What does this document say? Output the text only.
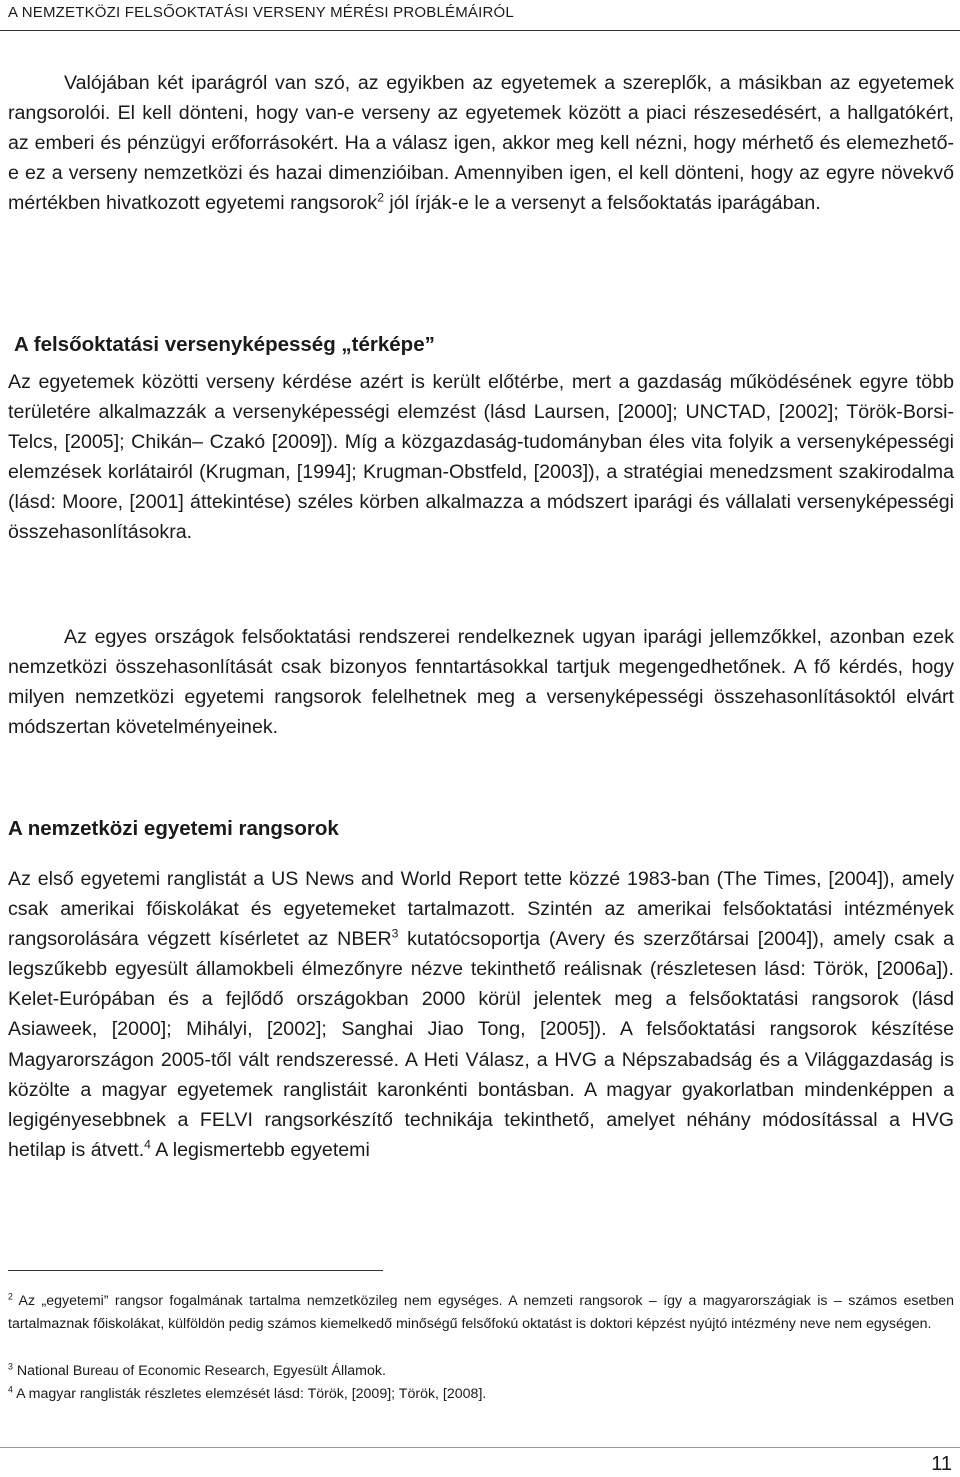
A NEMZETKÖZI FELSŐOKTATÁSI VERSENY MÉRÉSI PROBLÉMÁIRÓL
Valójában két iparágról van szó, az egyikben az egyetemek a szereplők, a másikban az egyetemek rangsorolói. El kell dönteni, hogy van-e verseny az egyetemek között a piaci részesedésért, a hallgatókért, az emberi és pénzügyi erőforrásokért. Ha a válasz igen, akkor meg kell nézni, hogy mérhető és elemezhető-e ez a verseny nemzetközi és hazai dimenzióiban. Amennyiben igen, el kell dönteni, hogy az egyre növekvő mértékben hivatkozott egyetemi rangsorok$^2$ jól írják-e le a versenyt a felsőoktatás iparágában.
A felsőoktatási versenyképesség „térképe”
Az egyetemek közötti verseny kérdése azért is került előtérbe, mert a gazdaság működésének egyre több területére alkalmazzák a versenyképességi elemzést (lásd Laursen, [2000]; UNCTAD, [2002]; Török-Borsi-Telcs, [2005]; Chikán– Czakó [2009]). Míg a közgazdaság-tudományban éles vita folyik a versenyképességi elemzések korlátairól (Krugman, [1994]; Krugman-Obstfeld, [2003]), a stratégiai menedzsment szakirodalma (lásd: Moore, [2001] áttekintése) széles körben alkalmazza a módszert iparági és vállalati versenyképességi összehasonlításokra.
Az egyes országok felsőoktatási rendszerei rendelkeznek ugyan iparági jellemzőkkel, azonban ezek nemzetközi összehasonlítását csak bizonyos fenntartásokkal tartjuk megengedhetőnek. A fő kérdés, hogy milyen nemzetközi egyetemi rangsorok felelhetnek meg a versenyképességi összehasonlításoktól elvárt módszertan követelményeinek.
A nemzetközi egyetemi rangsorok
Az első egyetemi ranglistát a US News and World Report tette közzé 1983-ban (The Times, [2004]), amely csak amerikai főiskolákat és egyetemeket tartalmazott. Szintén az amerikai felsőoktatási intézmények rangsorolására végzett kísérletet az NBER$^3$ kutatócsoportja (Avery és szerzőtársai [2004]), amely csak a legszűkebb egyesült államokbeli élmezőnyre nézve tekinthető reálisnak (részletesen lásd: Török, [2006a]). Kelet-Európában és a fejlődő országokban 2000 körül jelentek meg a felsőoktatási rangsorok (lásd Asiaweek, [2000]; Mihályi, [2002]; Sanghai Jiao Tong, [2005]). A felsőoktatási rangsorok készítése Magyarországon 2005-től vált rendszeressé. A Heti Válasz, a HVG a Népszabadság és a Világgazdaság is közölte a magyar egyetemek ranglistáit karonkénti bontásban. A magyar gyakorlatban mindenképpen a legigényesebbnek a FELVI rangsorkészítő technikája tekinthető, amelyet néhány módosítással a HVG hetilap is átvett.$^4$ A legismertebb egyetemi
$^2$ Az „egyetemi” rangsor fogalmának tartalma nemzetközileg nem egységes. A nemzeti rangsorok – így a magyarországiak is – számos esetben tartalmaznak főiskolákat, külföldön pedig számos kiemelkedő minőségű felsőfokú oktatást is doktori képzést nyújtó intézmény neve nem egységen.
$^3$ National Bureau of Economic Research, Egyesült Államok.
$^4$ A magyar ranglisták részletes elemzését lásd: Török, [2009]; Török, [2008].
11
